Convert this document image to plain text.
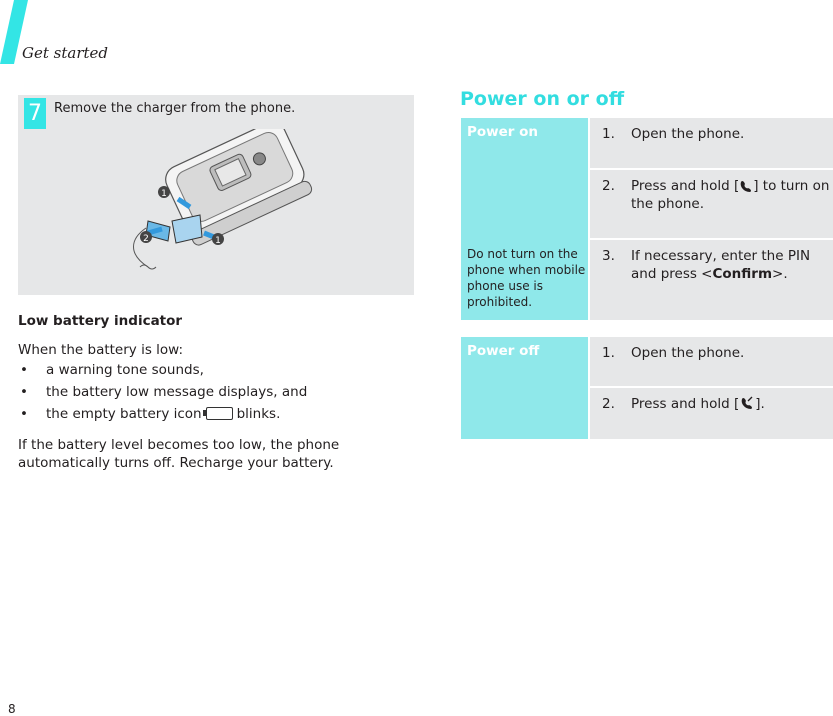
Get started
7 Remove the charger from the phone.
1
1
2
Low battery indicator
When the battery is low:
• a warning tone sounds,
• the battery low message displays, and
• the empty battery icon	blinks.

If the battery level becomes too low, the phone automatically turns off. Recharge your battery.

Power on or off
Power on
Do not turn on the phone when mobile phone use is prohibited.
1. Open the phone.
2. Press and hold [ ] to turn on the phone.
3. If necessary, enter the PIN and press <Confirm>.
Power off	1. Open the phone.
2. Press and hold [ ].
8
